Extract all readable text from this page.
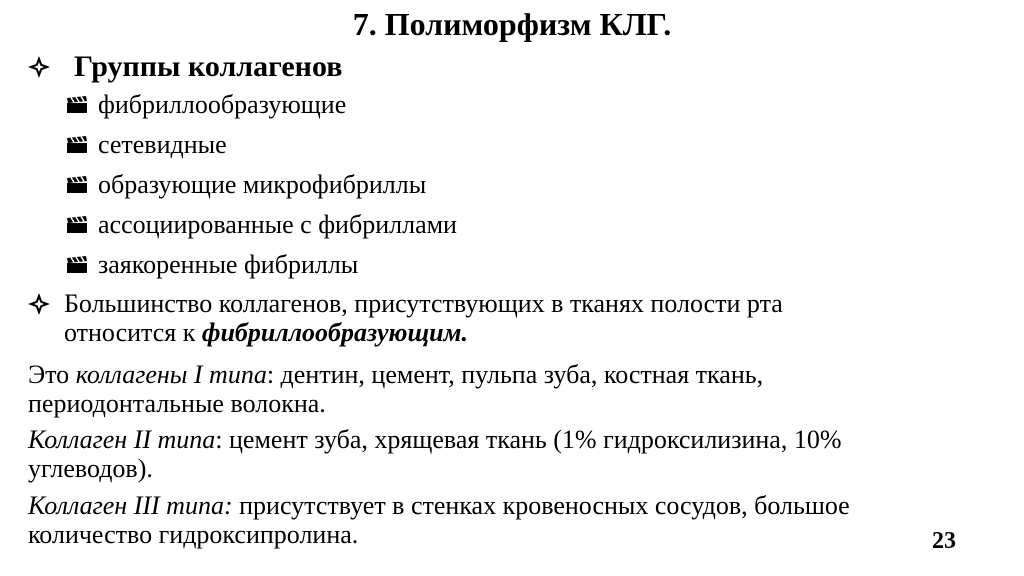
7. Полиморфизм КЛГ.
Группы коллагенов
фибриллообразующие
сетевидные
образующие микрофибриллы
ассоциированные с фибриллами
заякоренные фибриллы
Большинство коллагенов, присутствующих в тканях полости рта
относится к фибриллообразующим.
Это коллагены I типа: дентин, цемент, пульпа зуба, костная ткань,
периодонтальные волокна.
Коллаген II типа: цемент зуба, хрящевая ткань (1% гидроксилизина, 10%
углеводов).
Коллаген III типа: присутствует в стенках кровеносных сосудов, большое
количество гидроксипролина.	23
